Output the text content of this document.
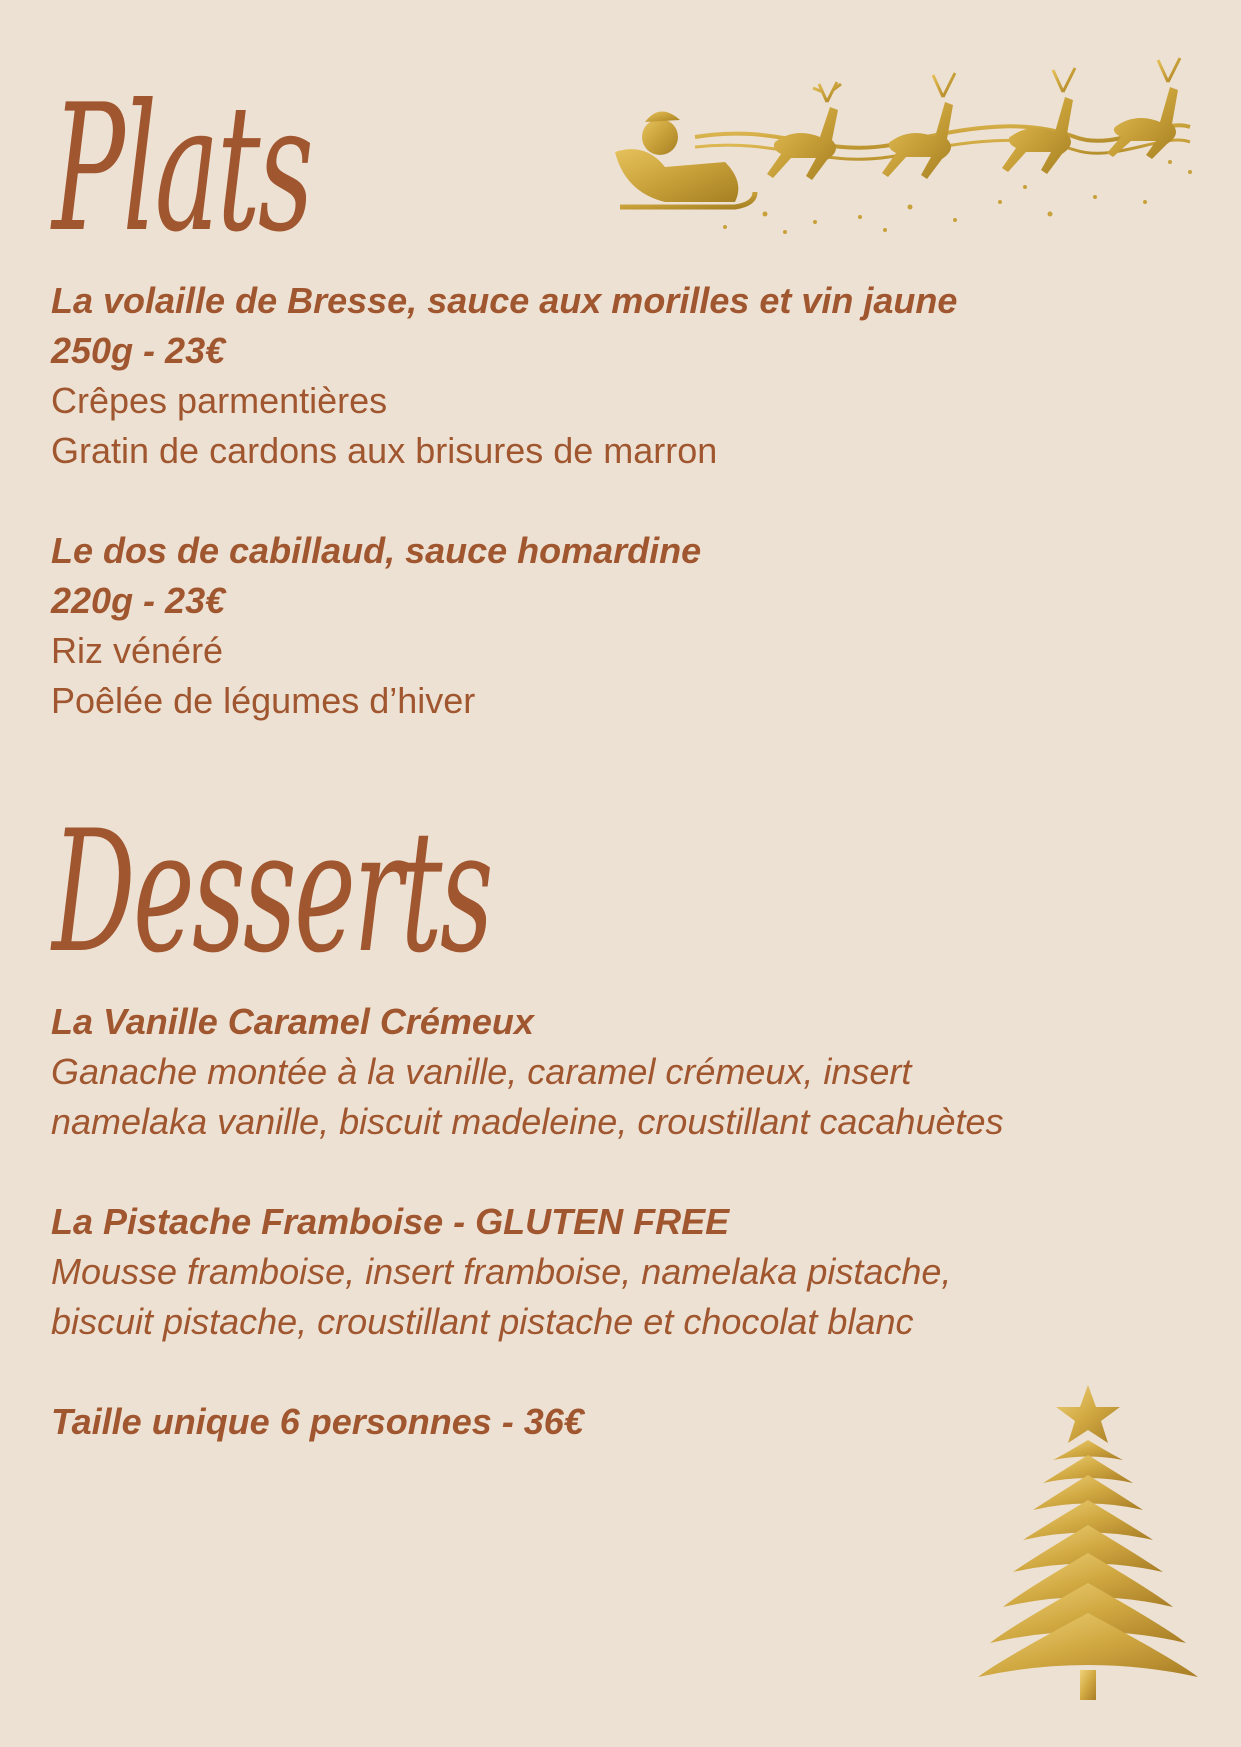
Plats

La volaille de Bresse, sauce aux morilles et vin jaune

250g - 23€

Crêpes parmentières

Gratin de cardons aux brisures de marron

Le dos de cabillaud, sauce homardine

220g - 23€

Riz vénéré

Poêlée de légumes d’hiver

Desserts

La Vanille Caramel Crémeux

Ganache montée à la vanille, caramel crémeux, insert

namelaka vanille, biscuit madeleine, croustillant cacahuètes

La Pistache Framboise - GLUTEN FREE

Mousse framboise, insert framboise, namelaka pistache,

biscuit pistache, croustillant pistache et chocolat blanc

Taille unique 6 personnes - 36€
